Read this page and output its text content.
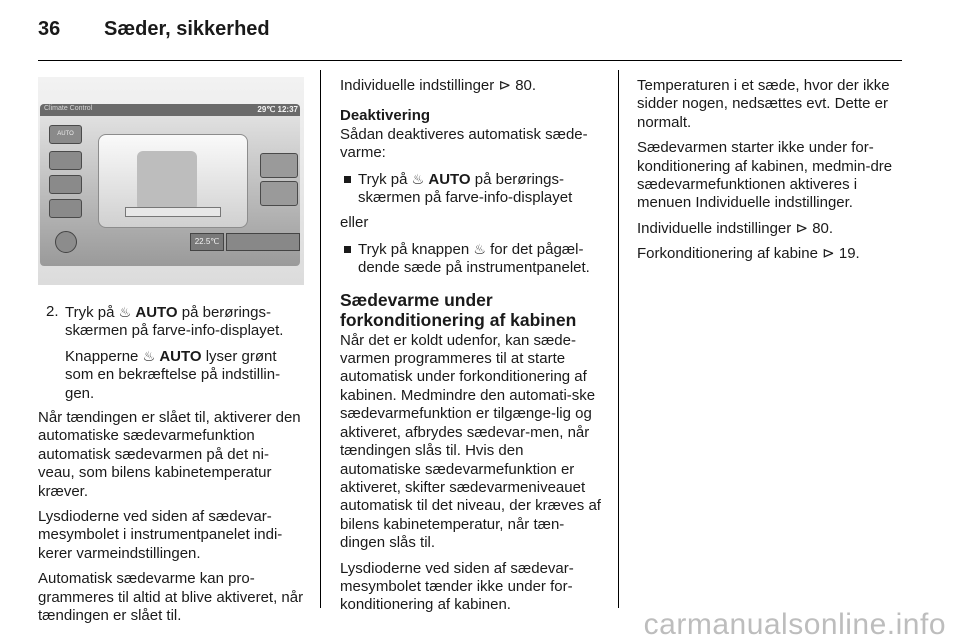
36 Sæder, sikkerhed
Climate Control	29℃ 12:37
AUTO
22.5℃
2. Tryk på ♨ AUTO på berørings-skærmen på farve-info-displayet.
Knapperne ♨ AUTO lyser grønt som en bekræftelse på indstillin-gen.

Når tændingen er slået til, aktiverer den automatiske sædevarmefunktion automatisk sædevarmen på det ni-veau, som bilens kabinetemperatur kræver.

Lysdioderne ved siden af sædevar-mesymbolet i instrumentpanelet indi-kerer varmeindstillingen.

Automatisk sædevarme kan pro-grammeres til altid at blive aktiveret, når tændingen er slået til.

Individuelle indstillinger ⊳ 80.

Deaktivering

Sådan deaktiveres automatisk sæde-varme:

Tryk på ♨ AUTO på berørings-skærmen på farve-info-displayet

eller

Tryk på knappen ♨ for det pågæl-dende sæde på instrumentpanelet.
Sædevarme under forkonditionering af kabinen

Når det er koldt udenfor, kan sæde-varmen programmeres til at starte automatisk under forkonditionering af kabinen. Medmindre den automati-ske sædevarmefunktion er tilgænge-lig og aktiveret, afbrydes sædevar-men, når tændingen slås til. Hvis den automatiske sædevarmefunktion er aktiveret, skifter sædevarmeniveauet automatisk til det niveau, der kræves af bilens kabinetemperatur, når tæn-dingen slås til.

Lysdioderne ved siden af sædevar-mesymbolet tænder ikke under for-konditionering af kabinen.

Temperaturen i et sæde, hvor der ikke sidder nogen, nedsættes evt. Dette er normalt.

Sædevarmen starter ikke under for-konditionering af kabinen, medmin-dre sædevarmefunktionen aktiveres i menuen Individuelle indstillinger.

Individuelle indstillinger ⊳ 80.

Forkonditionering af kabine ⊳ 19.

carmanualsonline.info
